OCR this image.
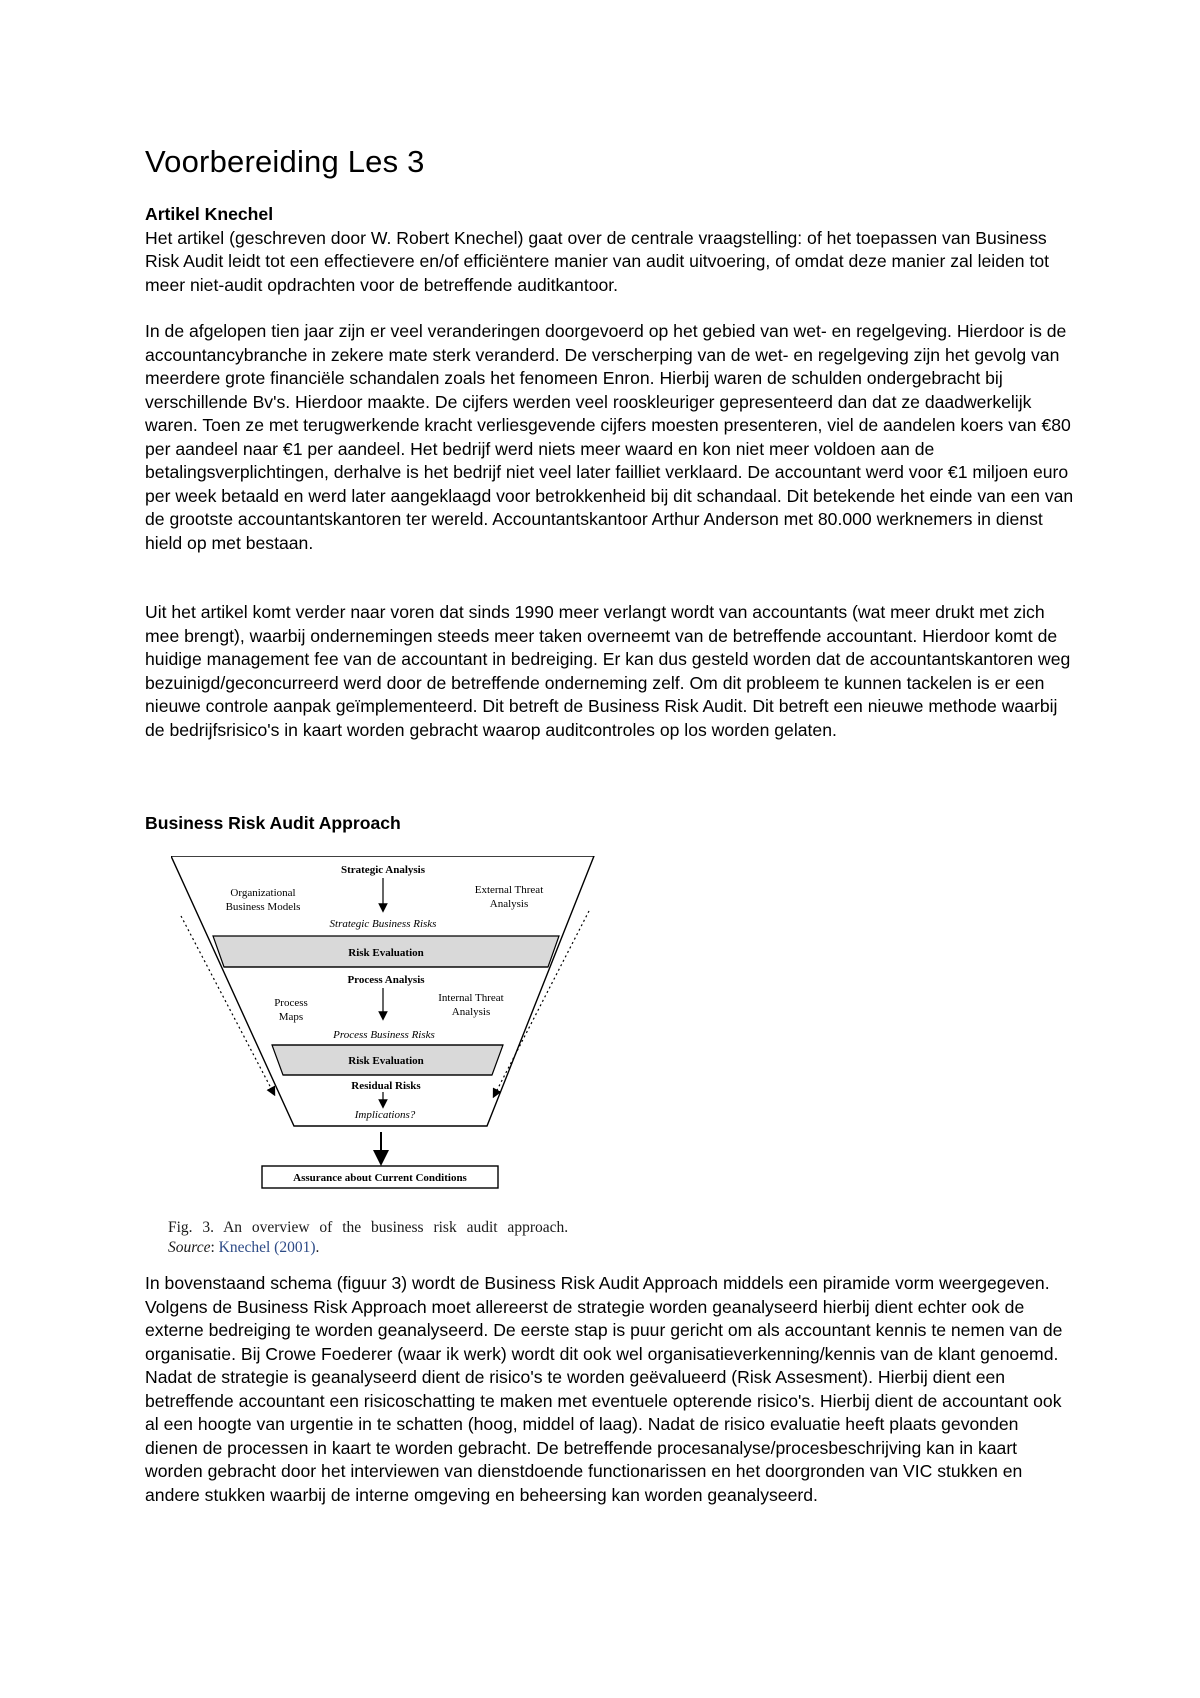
Voorbereiding Les 3
Artikel Knechel
Het artikel (geschreven door W. Robert Knechel) gaat over de centrale vraagstelling: of het toepassen van Business Risk Audit leidt tot een effectievere en/of efficiëntere manier van audit uitvoering, of omdat deze manier zal leiden tot meer niet-audit opdrachten voor de betreffende auditkantoor.

In de afgelopen tien jaar zijn er veel veranderingen doorgevoerd op het gebied van wet- en regelgeving. Hierdoor is de accountancybranche in zekere mate sterk veranderd. De verscherping van de wet- en regelgeving zijn het gevolg van meerdere grote financiële schandalen zoals het fenomeen Enron. Hierbij waren de schulden ondergebracht bij verschillende Bv's. Hierdoor maakte. De cijfers werden veel rooskleuriger gepresenteerd dan dat ze daadwerkelijk waren. Toen ze met terugwerkende kracht verliesgevende cijfers moesten presenteren, viel de aandelen koers van €80 per aandeel naar €1 per aandeel. Het bedrijf werd niets meer waard en kon niet meer voldoen aan de betalingsverplichtingen, derhalve is het bedrijf niet veel later failliet verklaard. De accountant werd voor €1 miljoen euro per week betaald en werd later aangeklaagd voor betrokkenheid bij dit schandaal. Dit betekende het einde van een van de grootste accountantskantoren ter wereld. Accountantskantoor Arthur Anderson met 80.000 werknemers in dienst hield op met bestaan.

Uit het artikel komt verder naar voren dat sinds 1990 meer verlangt wordt van accountants (wat meer drukt met zich mee brengt), waarbij ondernemingen steeds meer taken overneemt van de betreffende accountant. Hierdoor komt de huidige management fee van de accountant in bedreiging. Er kan dus gesteld worden dat de accountantskantoren weg bezuinigd/geconcurreerd werd door de betreffende onderneming zelf. Om dit probleem te kunnen tackelen is er een nieuwe controle aanpak geïmplementeerd. Dit betreft de Business Risk Audit. Dit betreft een nieuwe methode waarbij de bedrijfsrisico's in kaart worden gebracht waarop auditcontroles op los worden gelaten.

Business Risk Audit Approach
Strategic Analysis
Organizational
Business Models
External Threat
Analysis
Strategic Business Risks
Risk Evaluation
Process Analysis
Process
Maps
Internal Threat
Analysis
Process Business Risks
Risk Evaluation
Residual Risks
Implications?
Assurance about Current Conditions
Fig. 3. An overview of the business risk audit approach.
Source: Knechel (2001).

In bovenstaand schema (figuur 3) wordt de Business Risk Audit Approach middels een piramide vorm weergegeven. Volgens de Business Risk Approach moet allereerst de strategie worden geanalyseerd hierbij dient echter ook de externe bedreiging te worden geanalyseerd. De eerste stap is puur gericht om als accountant kennis te nemen van de organisatie. Bij Crowe Foederer (waar ik werk) wordt dit ook wel organisatieverkenning/kennis van de klant genoemd. Nadat de strategie is geanalyseerd dient de risico's te worden geëvalueerd (Risk Assesment). Hierbij dient een betreffende accountant een risicoschatting te maken met eventuele opterende risico's. Hierbij dient de accountant ook al een hoogte van urgentie in te schatten (hoog, middel of laag). Nadat de risico evaluatie heeft plaats gevonden dienen de processen in kaart te worden gebracht. De betreffende procesanalyse/procesbeschrijving kan in kaart worden gebracht door het interviewen van dienstdoende functionarissen en het doorgronden van VIC stukken en andere stukken waarbij de interne omgeving en beheersing kan worden geanalyseerd.
